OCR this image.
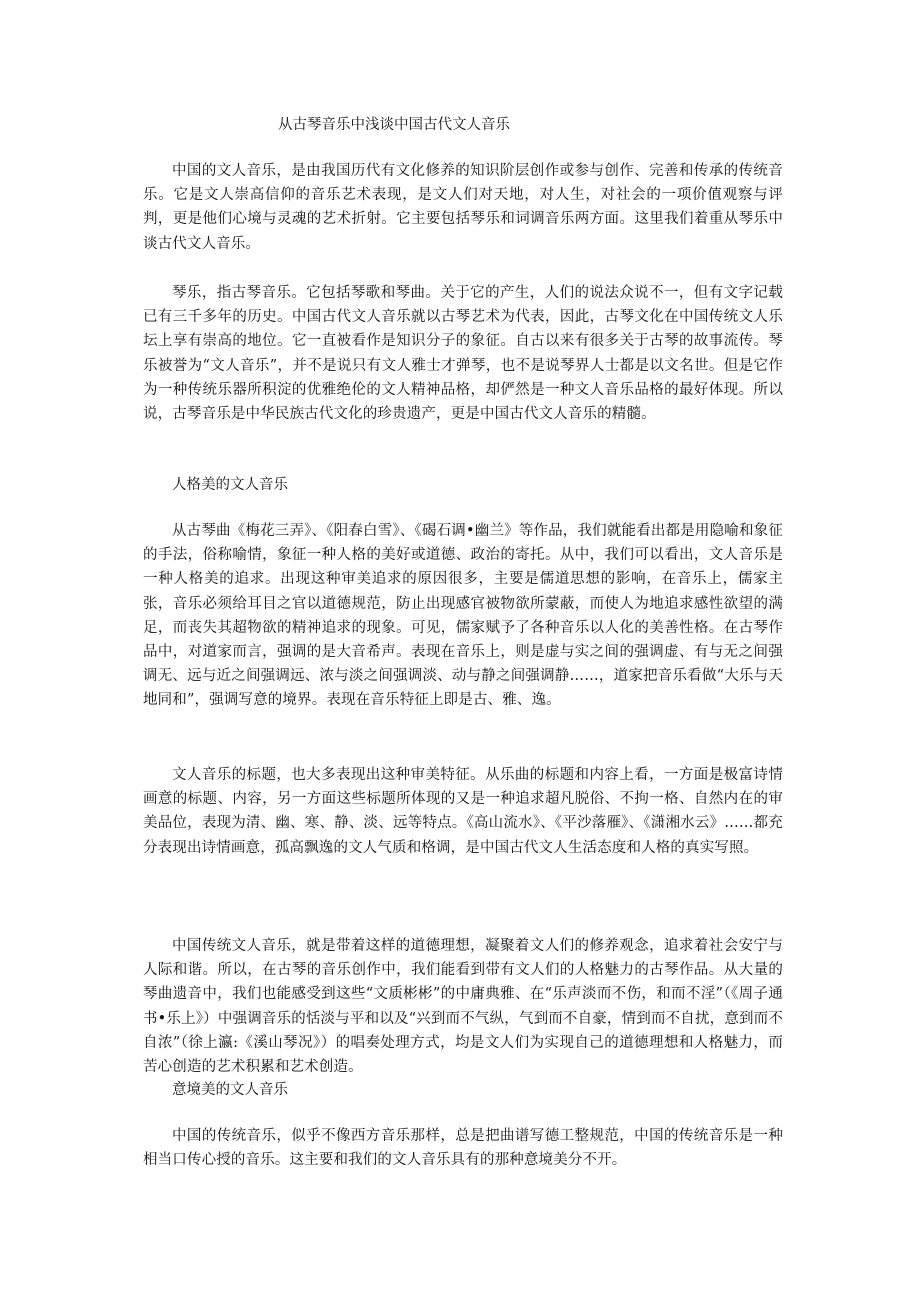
从古琴音乐中浅谈中国古代文人音乐

中国的文人音乐，是由我国历代有文化修养的知识阶层创作或参与创作、完善和传承的传统音乐。它是文人崇高信仰的音乐艺术表现，是文人们对天地，对人生，对社会的一项价值观察与评判，更是他们心境与灵魂的艺术折射。它主要包括琴乐和词调音乐两方面。这里我们着重从琴乐中谈古代文人音乐。

琴乐，指古琴音乐。它包括琴歌和琴曲。关于它的产生，人们的说法众说不一，但有文字记载已有三千多年的历史。中国古代文人音乐就以古琴艺术为代表，因此，古琴文化在中国传统文人乐坛上享有崇高的地位。它一直被看作是知识分子的象征。自古以来有很多关于古琴的故事流传。琴乐被誉为“文人音乐”，并不是说只有文人雅士才弹琴，也不是说琴界人士都是以文名世。但是它作为一种传统乐器所积淀的优雅绝伦的文人精神品格，却俨然是一种文人音乐品格的最好体现。所以说，古琴音乐是中华民族古代文化的珍贵遗产，更是中国古代文人音乐的精髓。

人格美的文人音乐

从古琴曲《梅花三弄》、《阳春白雪》、《碣石调•幽兰》等作品，我们就能看出都是用隐喻和象征的手法，俗称喻情，象征一种人格的美好或道德、政治的寄托。从中，我们可以看出，文人音乐是一种人格美的追求。出现这种审美追求的原因很多，主要是儒道思想的影响，在音乐上，儒家主张，音乐必须给耳目之官以道德规范，防止出现感官被物欲所蒙蔽，而使人为地追求感性欲望的满足，而丧失其超物欲的精神追求的现象。可见，儒家赋予了各种音乐以人化的美善性格。在古琴作品中，对道家而言，强调的是大音希声。表现在音乐上，则是虚与实之间的强调虚、有与无之间强调无、远与近之间强调远、浓与淡之间强调淡、动与静之间强调静……，道家把音乐看做“大乐与天地同和”，强调写意的境界。表现在音乐特征上即是古、雅、逸。

文人音乐的标题，也大多表现出这种审美特征。从乐曲的标题和内容上看，一方面是极富诗情画意的标题、内容，另一方面这些标题所体现的又是一种追求超凡脱俗、不拘一格、自然内在的审美品位，表现为清、幽、寒、静、淡、远等特点。《高山流水》、《平沙落雁》、《潇湘水云》……都充分表现出诗情画意，孤高飘逸的文人气质和格调，是中国古代文人生活态度和人格的真实写照。

中国传统文人音乐，就是带着这样的道德理想，凝聚着文人们的修养观念，追求着社会安宁与人际和谐。所以，在古琴的音乐创作中，我们能看到带有文人们的人格魅力的古琴作品。从大量的琴曲遗音中，我们也能感受到这些“文质彬彬”的中庸典雅、在“乐声淡而不伤，和而不淫”（《周子通书•乐上》）中强调音乐的恬淡与平和以及“兴到而不气纵，气到而不自豪，情到而不自扰，意到而不自浓”（徐上瀛:《溪山琴况》）的唱奏处理方式，均是文人们为实现自己的道德理想和人格魅力，而苦心创造的艺术积累和艺术创造。

意境美的文人音乐

中国的传统音乐，似乎不像西方音乐那样，总是把曲谱写德工整规范，中国的传统音乐是一种相当口传心授的音乐。这主要和我们的文人音乐具有的那种意境美分不开。
